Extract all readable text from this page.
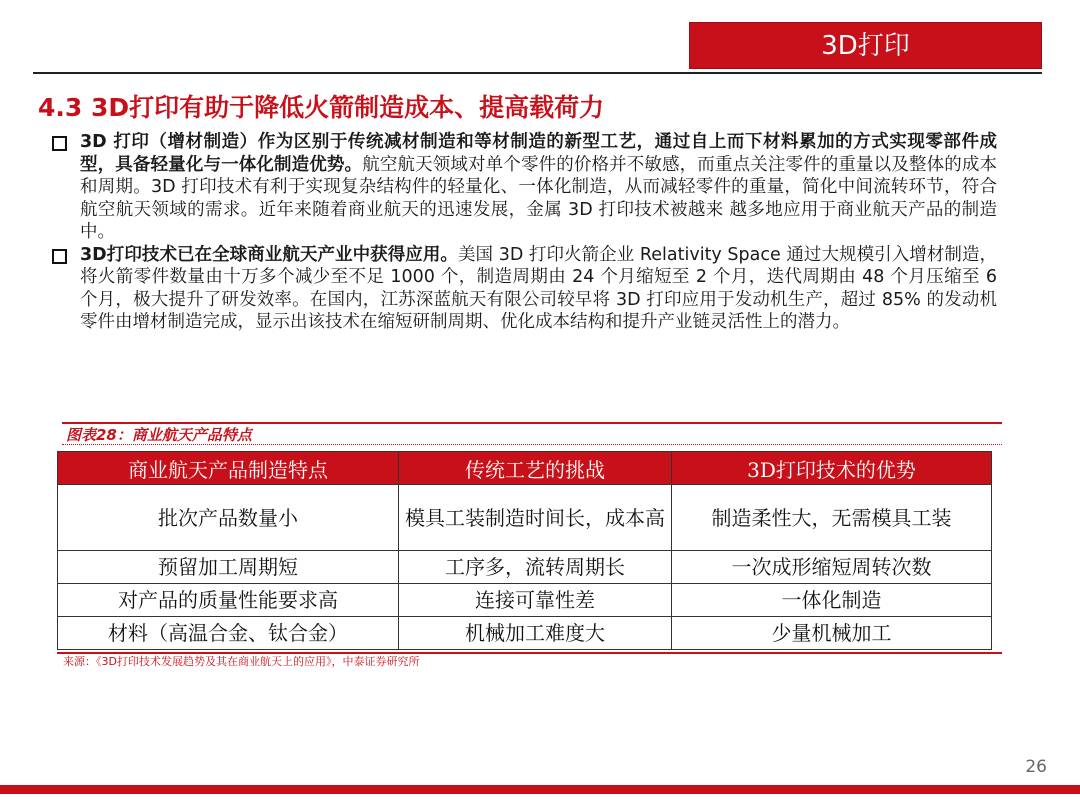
3D打印
4.3 3D打印有助于降低火箭制造成本、提高载荷力
3D 打印（增材制造）作为区别于传统减材制造和等材制造的新型工艺，通过自上而下材料累加的方式实现零部件成型，具备轻量化与一体化制造优势。航空航天领域对单个零件的价格并不敏感，而重点关注零件的重量以及整体的成本和周期。3D 打印技术有利于实现复杂结构件的轻量化、一体化制造，从而减轻零件的重量，简化中间流转环节，符合航空航天领域的需求。近年来随着商业航天的迅速发展，金属 3D 打印技术被越来 越多地应用于商业航天产品的制造中。
3D打印技术已在全球商业航天产业中获得应用。美国 3D 打印火箭企业 Relativity Space 通过大规模引入增材制造，将火箭零件数量由十万多个减少至不足 1000 个，制造周期由 24 个月缩短至 2 个月，迭代周期由 48 个月压缩至 6 个月，极大提升了研发效率。在国内，江苏深蓝航天有限公司较早将 3D 打印应用于发动机生产，超过 85% 的发动机零件由增材制造完成，显示出该技术在缩短研制周期、优化成本结构和提升产业链灵活性上的潜力。
图表28：商业航天产品特点
商业航天产品制造特点	传统工艺的挑战	3D打印技术的优势
批次产品数量小	模具工装制造时间长，成本高	制造柔性大，无需模具工装
预留加工周期短	工序多，流转周期长	一次成形缩短周转次数
对产品的质量性能要求高	连接可靠性差	一体化制造
材料（高温合金、钛合金）	机械加工难度大	少量机械加工
来源：《3D打印技术发展趋势及其在商业航天上的应用》，中泰证券研究所
26
